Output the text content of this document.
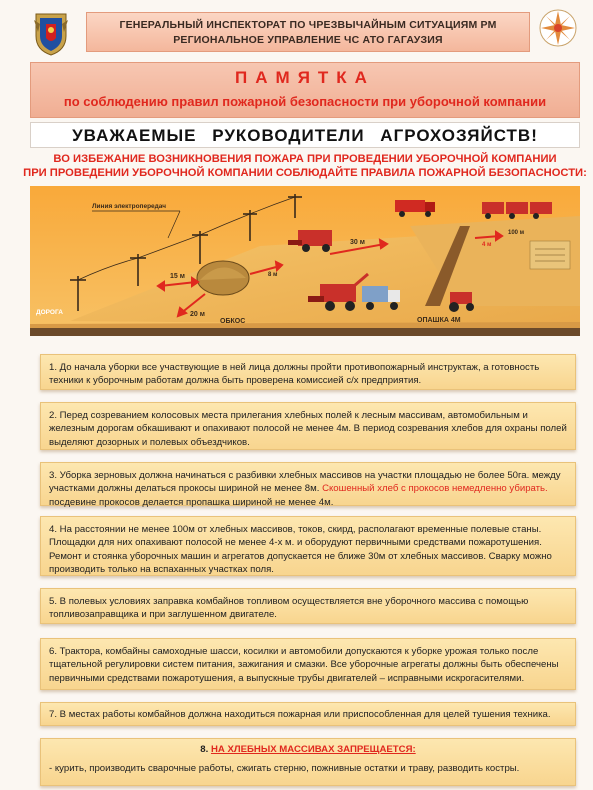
ГЕНЕРАЛЬНЫЙ ИНСПЕКТОРАТ ПО ЧРЕЗВЫЧАЙНЫМ СИТУАЦИЯМ РМ
РЕГИОНАЛЬНОЕ УПРАВЛЕНИЕ ЧС АТО ГАГАУЗИЯ
ПАМЯТКА
по соблюдению правил пожарной безопасности при уборочной компании
УВАЖАЕМЫЕ РУКОВОДИТЕЛИ АГРОХОЗЯЙСТВ!
ВО ИЗБЕЖАНИЕ ВОЗНИКНОВЕНИЯ ПОЖАРА ПРИ ПРОВЕДЕНИИ УБОРОЧНОЙ КОМПАНИИ
ПРИ ПРОВЕДЕНИИ УБОРОЧНОЙ КОМПАНИИ СОБЛЮДАЙТЕ ПРАВИЛА ПОЖАРНОЙ БЕЗОПАСНОСТИ:
Линия электропередач
ДОРОГА
15 м
20 м
8 м
30 м	4 м
100 м
ОБКОС	ОПАШКА 4М
1. До начала уборки все участвующие в ней лица должны пройти противопожарный инструктаж, а готовность техники к уборочным работам должна быть проверена комиссией с/х предприятия.
2. Перед созреванием колосовых места прилегания хлебных полей к лесным массивам, автомобильным и железным дорогам обкашивают и опахивают полосой не менее 4м. В период созревания хлебов для охраны полей выделяют дозорных и полевых объездчиков.
3. Уборка зерновых должна начинаться с разбивки хлебных массивов на участки площадью не более 50га. между участками должны делаться прокосы шириной не менее 8м. Скошенный хлеб с прокосов немедленно убирать. посдевине прокосов делается пропашка шириной не менее 4м.
4. На расстоянии не менее 100м от хлебных массивов, токов, скирд, располагают временные полевые станы. Площадки для них опахивают полосой не менее 4-х м. и оборудуют первичными средствами пожаротушения. Ремонт и стоянка уборочных машин и агрегатов допускается не ближе 30м от хлебных массивов. Сварку можно производить только на вспаханных участках поля.
5. В полевых условиях заправка комбайнов топливом осуществляется вне уборочного массива с помощью топливозаправщика и при заглушенном двигателе.
6. Трактора, комбайны самоходные шасси, косилки и автомобили допускаются к уборке урожая только после тщательной регулировки систем питания, зажигания и смазки. Все уборочные агрегаты должны быть обеспечены первичными средствами пожаротушения, а выпускные трубы двигателей – исправными искрогасителями.
7. В местах работы комбайнов должна находиться пожарная или приспособленная для целей тушения техника.
8. НА ХЛЕБНЫХ МАССИВАХ ЗАПРЕЩАЕТСЯ:
- курить, производить сварочные работы, сжигать стерню, пожнивные остатки и траву, разводить костры.
